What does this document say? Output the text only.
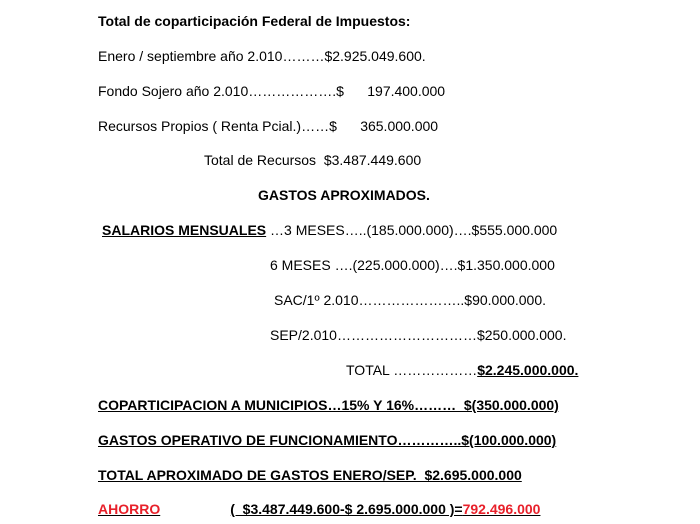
Total de coparticipación Federal de Impuestos:
Enero / septiembre año 2.010………$2.925.049.600.
Fondo Sojero año 2.010……………….$      197.400.000
Recursos Propios ( Renta Pcial.)……$      365.000.000
Total de Recursos  $3.487.449.600
GASTOS APROXIMADOS.
SALARIOS MENSUALES …3 MESES…..(185.000.000)….$555.000.000
6 MESES ….(225.000.000)….$1.350.000.000
SAC/1º 2.010…………………..$90.000.000.
SEP/2.010…………………………$250.000.000.
TOTAL ………………$2.245.000.000.
COPARTICIPACION A MUNICIPIOS…15% Y 16%………  $(350.000.000)
GASTOS OPERATIVO DE FUNCIONAMIENTO…………..$(100.000.000)
TOTAL APROXIMADO DE GASTOS ENERO/SEP.  $2.695.000.000
AHORRO	(  $3.487.449.600-$ 2.695.000.000 )=792.496.000
